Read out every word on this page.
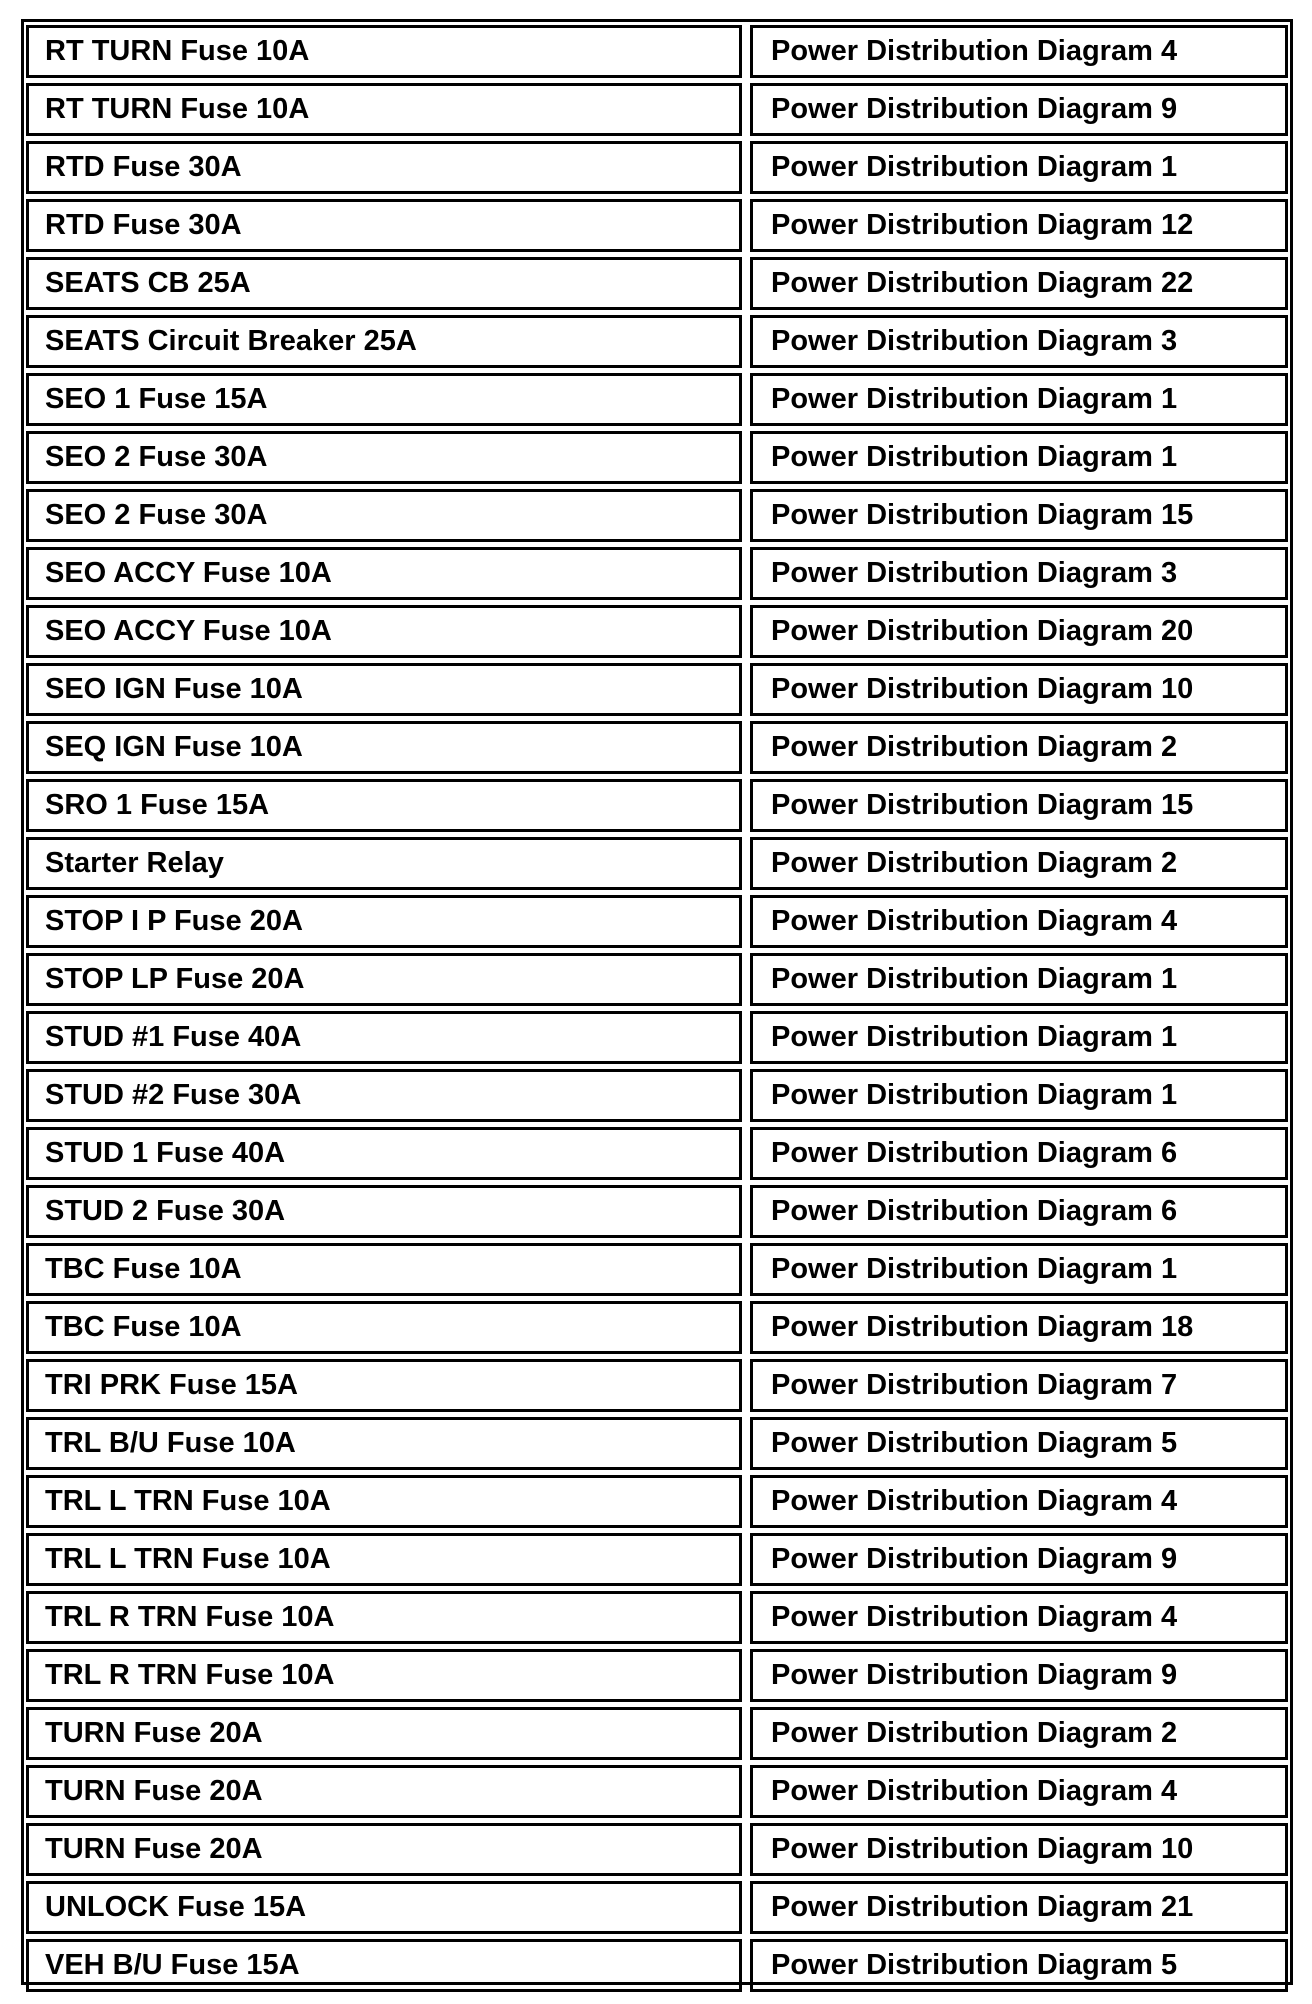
RT TURN Fuse 10A	Power Distribution Diagram 4
RT TURN Fuse 10A	Power Distribution Diagram 9
RTD Fuse 30A	Power Distribution Diagram 1
RTD Fuse 30A	Power Distribution Diagram 12
SEATS CB 25A	Power Distribution Diagram 22
SEATS Circuit Breaker 25A	Power Distribution Diagram 3
SEO 1 Fuse 15A	Power Distribution Diagram 1
SEO 2 Fuse 30A	Power Distribution Diagram 1
SEO 2 Fuse 30A	Power Distribution Diagram 15
SEO ACCY Fuse 10A	Power Distribution Diagram 3
SEO ACCY Fuse 10A	Power Distribution Diagram 20
SEO IGN Fuse 10A	Power Distribution Diagram 10
SEQ IGN Fuse 10A	Power Distribution Diagram 2
SRO 1 Fuse 15A	Power Distribution Diagram 15
Starter Relay	Power Distribution Diagram 2
STOP I P Fuse 20A	Power Distribution Diagram 4
STOP LP Fuse 20A	Power Distribution Diagram 1
STUD #1 Fuse 40A	Power Distribution Diagram 1
STUD #2 Fuse 30A	Power Distribution Diagram 1
STUD 1 Fuse 40A	Power Distribution Diagram 6
STUD 2 Fuse 30A	Power Distribution Diagram 6
TBC Fuse 10A	Power Distribution Diagram 1
TBC Fuse 10A	Power Distribution Diagram 18
TRI PRK Fuse 15A	Power Distribution Diagram 7
TRL B/U Fuse 10A	Power Distribution Diagram 5
TRL L TRN Fuse 10A	Power Distribution Diagram 4
TRL L TRN Fuse 10A	Power Distribution Diagram 9
TRL R TRN Fuse 10A	Power Distribution Diagram 4
TRL R TRN Fuse 10A	Power Distribution Diagram 9
TURN Fuse 20A	Power Distribution Diagram 2
TURN Fuse 20A	Power Distribution Diagram 4
TURN Fuse 20A	Power Distribution Diagram 10
UNLOCK Fuse 15A	Power Distribution Diagram 21
VEH B/U Fuse 15A	Power Distribution Diagram 5
